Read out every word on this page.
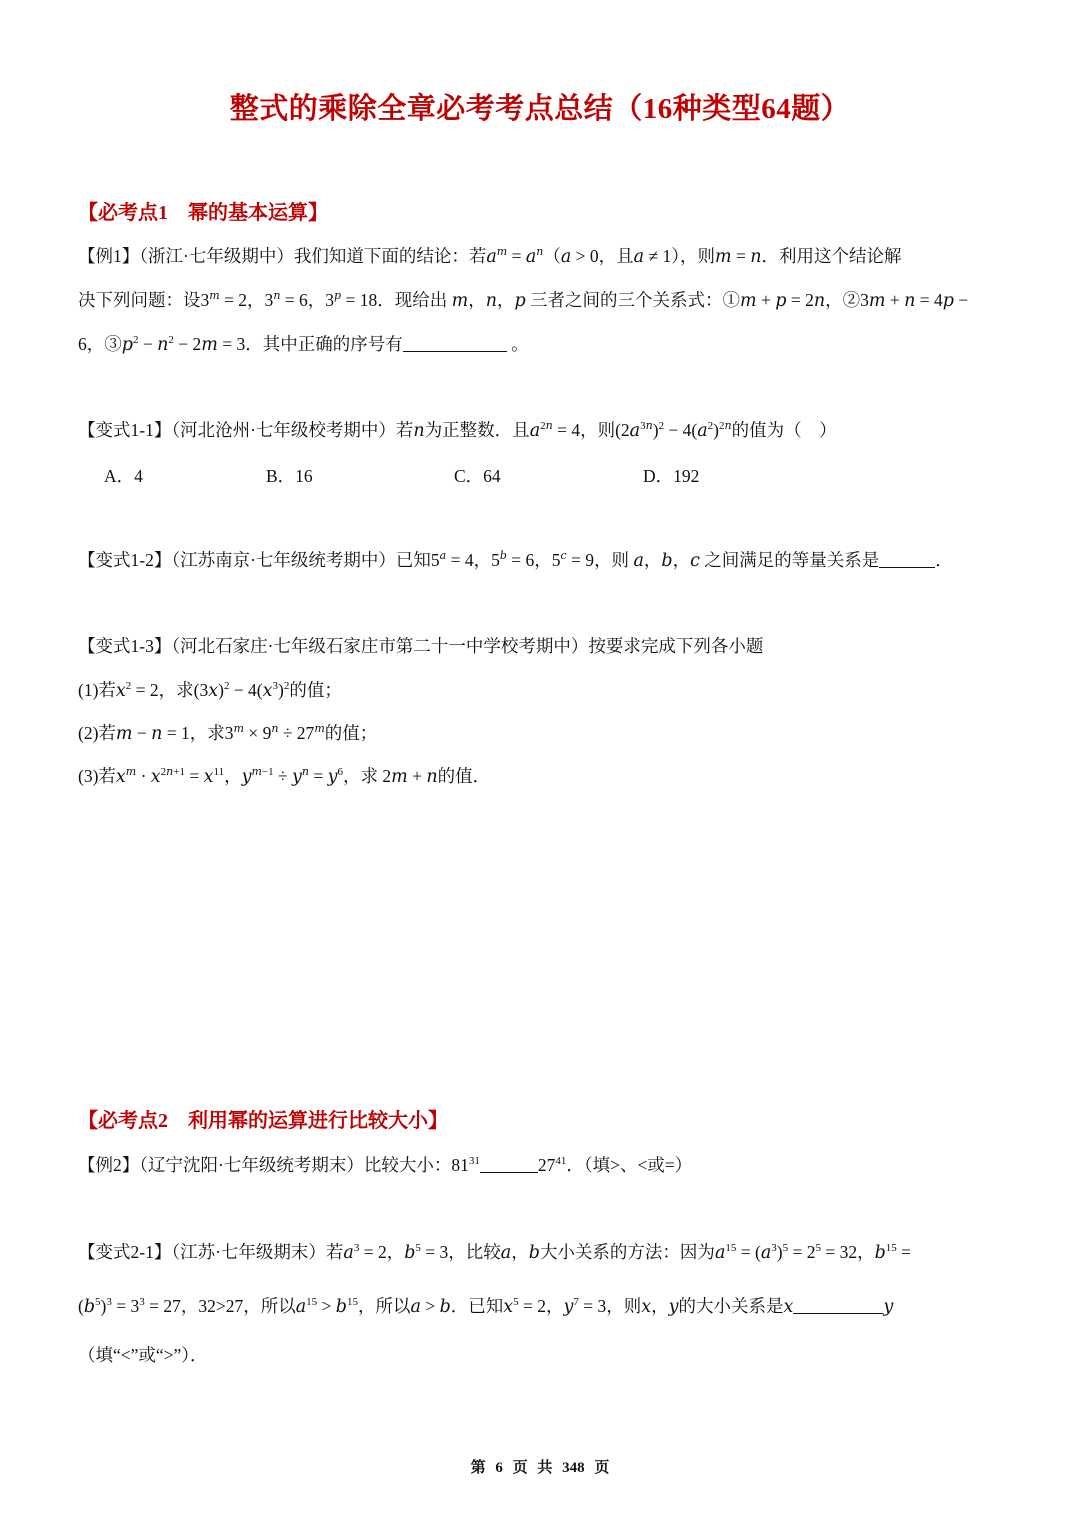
整式的乘除全章必考考点总结（16种类型64题）
【必考点1　幂的基本运算】
【例1】（浙江·七年级期中）我们知道下面的结论：若$a^m = a^n(a > 0$，且a ≠ 1），则m = n．利用这个结论解
决下列问题：设$3^m = 2$，$3^n = 6$，$3^p = 18$．现给出 m，n，p 三者之间的三个关系式：①m + p = 2n，②3m + n = 4p −
6，$③p^2 - n^2 - 2m = 3$．其中正确的序号有	。
【变式1-1】（河北沧州·七年级校考期中）若n为正整数．且$a^{2n} = 4$，则$(2a^{3n})^2 - 4(a^2)^{2n}$的值为（　）
A．4	B．16	C．64	D．192
【变式1-2】（江苏南京·七年级统考期中）已知$5^a = 4$，$5^b = 6$，$5^c = 9$，则 a，b，c 之间满足的等量关系是	．
【变式1-3】（河北石家庄·七年级石家庄市第二十一中学校考期中）按要求完成下列各小题
(1)若$x^2 = 2$，求$(3x)^2 - 4(x^3)^2$的值；
(2)若m − n = 1，求$3^m \times 9^n \div 27^m$的值；
(3)若$x^m \cdot x^{2n+1} = x^{11}$，$y^{m-1} \div y^n = y^6$，求 2m + n的值．
【必考点2　利用幂的运算进行比较大小】
【例2】（辽宁沈阳·七年级统考期末）比较大小：$81^{31}$	$27^{41}$．（填>、<或=）
【变式2-1】（江苏·七年级期末）若$a^3 = 2$，$b^5 = 3$，比较a，b大小关系的方法：因为$a^{15} = (a^3)^5 = 2^5 = 32$，$b^{15}$ =
$(b^5)^3 = 3^3 = 27$，32>27，所以$a^{15} > b^{15}$，所以a > b．已知$x^5 = 2$，$y^7 = 3$，则x，y的大小关系是x	y
（填“<”或“>”）．
第 6 页 共 348 页
